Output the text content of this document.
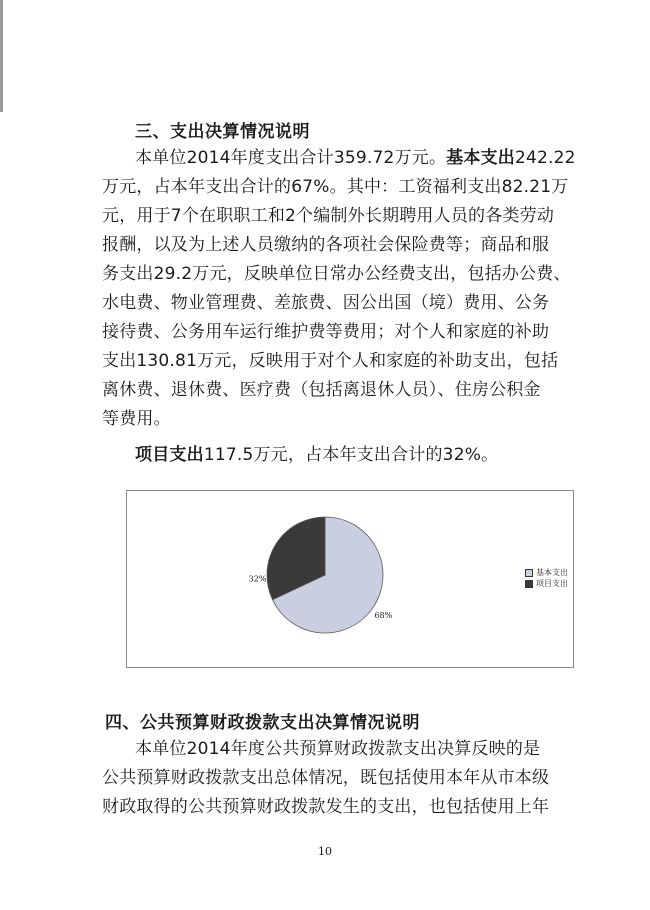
三、支出决算情况说明
本单位2014年度支出合计359.72万元。基本支出242.22
万元，占本年支出合计的67%。其中：工资福利支出82.21万
元，用于7个在职职工和2个编制外长期聘用人员的各类劳动
报酬，以及为上述人员缴纳的各项社会保险费等；商品和服
务支出29.2万元，反映单位日常办公经费支出，包括办公费、
水电费、物业管理费、差旅费、因公出国（境）费用、公务
接待费、公务用车运行维护费等费用；对个人和家庭的补助
支出130.81万元，反映用于对个人和家庭的补助支出，包括
离休费、退休费、医疗费（包括离退休人员）、住房公积金
等费用。
项目支出117.5万元，占本年支出合计的32%。
68%
32%
基本支出
项目支出
四、公共预算财政拨款支出决算情况说明
本单位2014年度公共预算财政拨款支出决算反映的是
公共预算财政拨款支出总体情况，既包括使用本年从市本级
财政取得的公共预算财政拨款发生的支出，也包括使用上年
10
